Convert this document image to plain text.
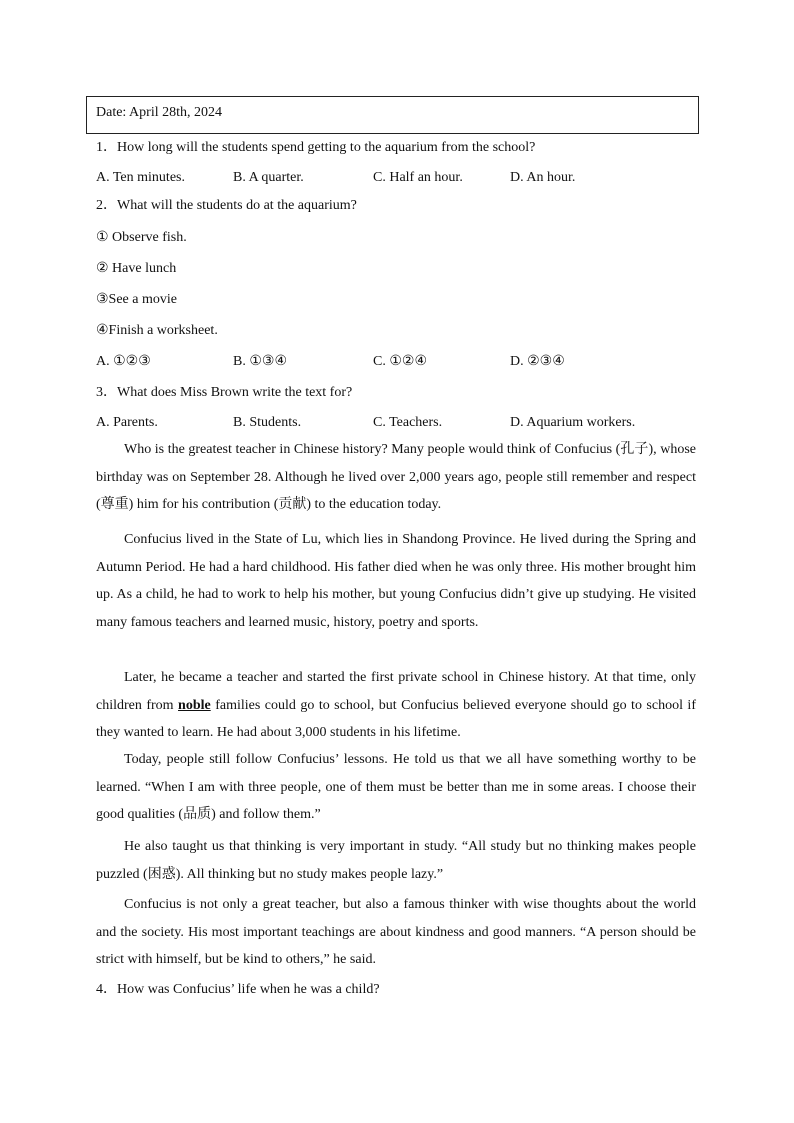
Date: April 28th, 2024
1．How long will the students spend getting to the aquarium from the school?
A. Ten minutes.	B. A quarter.	C. Half an hour.	D. An hour.
2．What will the students do at the aquarium?
① Observe fish.
② Have lunch
③See a movie
④Finish a worksheet.
A. ①②③	B. ①③④	C. ①②④	D. ②③④
3．What does Miss Brown write the text for?
A. Parents.	B. Students.	C. Teachers.	D. Aquarium workers.
Who is the greatest teacher in Chinese history? Many people would think of Confucius (孔子), whose birthday was on September 28. Although he lived over 2,000 years ago, people still remember and respect (尊重) him for his contribution (贡献) to the education today.
Confucius lived in the State of Lu, which lies in Shandong Province. He lived during the Spring and Autumn Period. He had a hard childhood. His father died when he was only three. His mother brought him up. As a child, he had to work to help his mother, but young Confucius didn’t give up studying. He visited many famous teachers and learned music, history, poetry and sports.
Later, he became a teacher and started the first private school in Chinese history. At that time, only children from noble families could go to school, but Confucius believed everyone should go to school if they wanted to learn. He had about 3,000 students in his lifetime.
Today, people still follow Confucius’ lessons. He told us that we all have something worthy to be learned. “When I am with three people, one of them must be better than me in some areas. I choose their good qualities (品质) and follow them.”
He also taught us that thinking is very important in study. “All study but no thinking makes people puzzled (困惑). All thinking but no study makes people lazy.”
Confucius is not only a great teacher, but also a famous thinker with wise thoughts about the world and the society. His most important teachings are about kindness and good manners. “A person should be strict with himself, but be kind to others,” he said.
4．How was Confucius’ life when he was a child?
